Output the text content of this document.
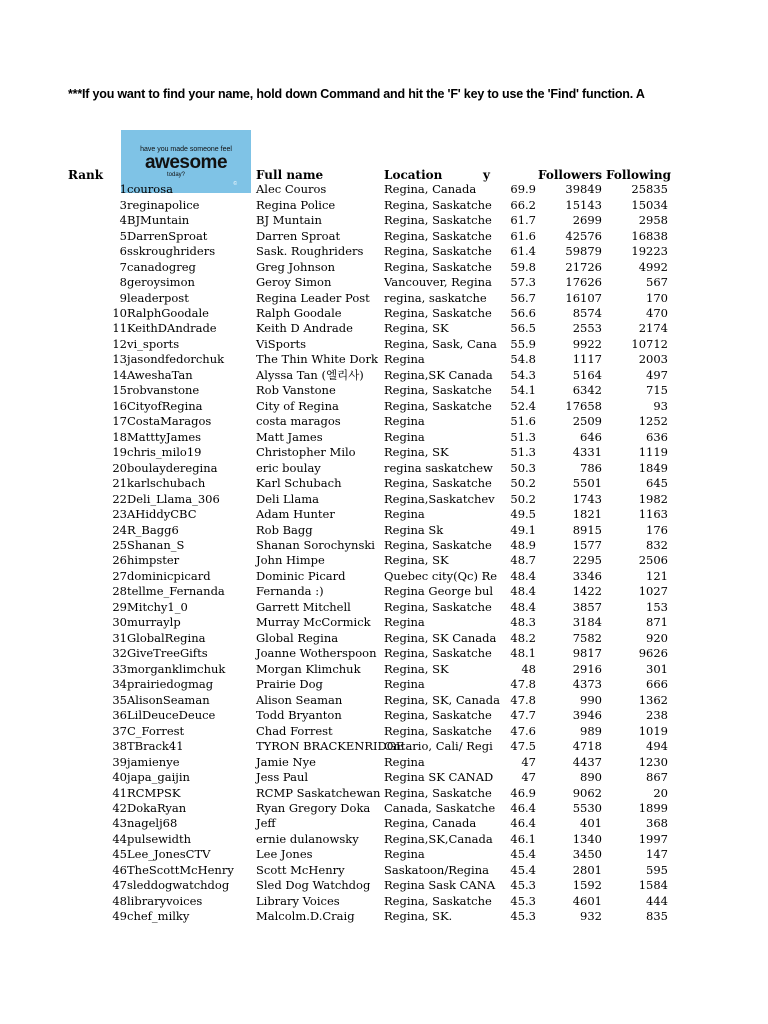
***If you want to find your name, hold down Command and hit the 'F' key to use the 'Find' function. A
have you made someone feel
awesome
today?
©
Rank	Full name	Location	y	Followers Following
1	courosa	Alec Couros	Regina, Canada	69.9	39849	25835
3	reginapolice	Regina Police	Regina, Saskatche	66.2	15143	15034
4	BJMuntain	BJ Muntain	Regina, Saskatche	61.7	2699	2958
5	DarrenSproat	Darren Sproat	Regina, Saskatche	61.6	42576	16838
6	sskroughriders	Sask. Roughriders	Regina, Saskatche	61.4	59879	19223
7	canadogreg	Greg Johnson	Regina, Saskatche	59.8	21726	4992
8	geroysimon	Geroy Simon	Vancouver, Regina	57.3	17626	567
9	leaderpost	Regina Leader Post	regina, saskatche	56.7	16107	170
10	RalphGoodale	Ralph Goodale	Regina, Saskatche	56.6	8574	470
11	KeithDAndrade	Keith D Andrade	Regina, SK	56.5	2553	2174
12	vi_sports	ViSports	Regina, Sask, Cana	55.9	9922	10712
13	jasondfedorchuk	The Thin White Dork	Regina	54.8	1117	2003
14	AweshaTan	Alyssa Tan (엘리사)	Regina,SK Canada	54.3	5164	497
15	robvanstone	Rob Vanstone	Regina, Saskatche	54.1	6342	715
16	CityofRegina	City of Regina	Regina, Saskatche	52.4	17658	93
17	CostaMaragos	costa maragos	Regina	51.6	2509	1252
18	MatttyJames	Matt James	Regina	51.3	646	636
19	chris_milo19	Christopher Milo	Regina, SK	51.3	4331	1119
20	boulayderegina	eric boulay	regina saskatchew	50.3	786	1849
21	karlschubach	Karl Schubach	Regina, Saskatche	50.2	5501	645
22	Deli_Llama_306	Deli Llama	Regina,Saskatchev	50.2	1743	1982
23	AHiddyCBC	Adam Hunter	Regina	49.5	1821	1163
24	R_Bagg6	Rob Bagg	Regina Sk	49.1	8915	176
25	Shanan_S	Shanan Sorochynski	Regina, Saskatche	48.9	1577	832
26	himpster	John Himpe	Regina, SK	48.7	2295	2506
27	dominicpicard	Dominic Picard	Quebec city(Qc) Re	48.4	3346	121
28	tellme_Fernanda	Fernanda :)	Regina George bul	48.4	1422	1027
29	Mitchy1_0	Garrett Mitchell	Regina, Saskatche	48.4	3857	153
30	murraylp	Murray McCormick	Regina	48.3	3184	871
31	GlobalRegina	Global Regina	Regina, SK Canada	48.2	7582	920
32	GiveTreeGifts	Joanne Wotherspoon	Regina, Saskatche	48.1	9817	9626
33	morganklimchuk	Morgan Klimchuk	Regina, SK	48	2916	301
34	prairiedogmag	Prairie Dog	Regina	47.8	4373	666
35	AlisonSeaman	Alison Seaman	Regina, SK, Canada	47.8	990	1362
36	LilDeuceDeuce	Todd Bryanton	Regina, Saskatche	47.7	3946	238
37	C_Forrest	Chad Forrest	Regina, Saskatche	47.6	989	1019
38	TBrack41	TYRON BRACKENRIDGE	Ontario, Cali/ Regi	47.5	4718	494
39	jamienye	Jamie Nye	Regina	47	4437	1230
40	japa_gaijin	Jess Paul	Regina SK CANAD	47	890	867
41	RCMPSK	RCMP Saskatchewan	Regina, Saskatche	46.9	9062	20
42	DokaRyan	Ryan Gregory Doka	Canada, Saskatche	46.4	5530	1899
43	nagelj68	Jeff	Regina, Canada	46.4	401	368
44	pulsewidth	ernie dulanowsky	Regina,SK,Canada	46.1	1340	1997
45	Lee_JonesCTV	Lee Jones	Regina	45.4	3450	147
46	TheScottMcHenry	Scott McHenry	Saskatoon/Regina	45.4	2801	595
47	sleddogwatchdog	Sled Dog Watchdog	Regina Sask CANA	45.3	1592	1584
48	libraryvoices	Library Voices	Regina, Saskatche	45.3	4601	444
49	chef_milky	Malcolm.D.Craig	Regina, SK.	45.3	932	835
